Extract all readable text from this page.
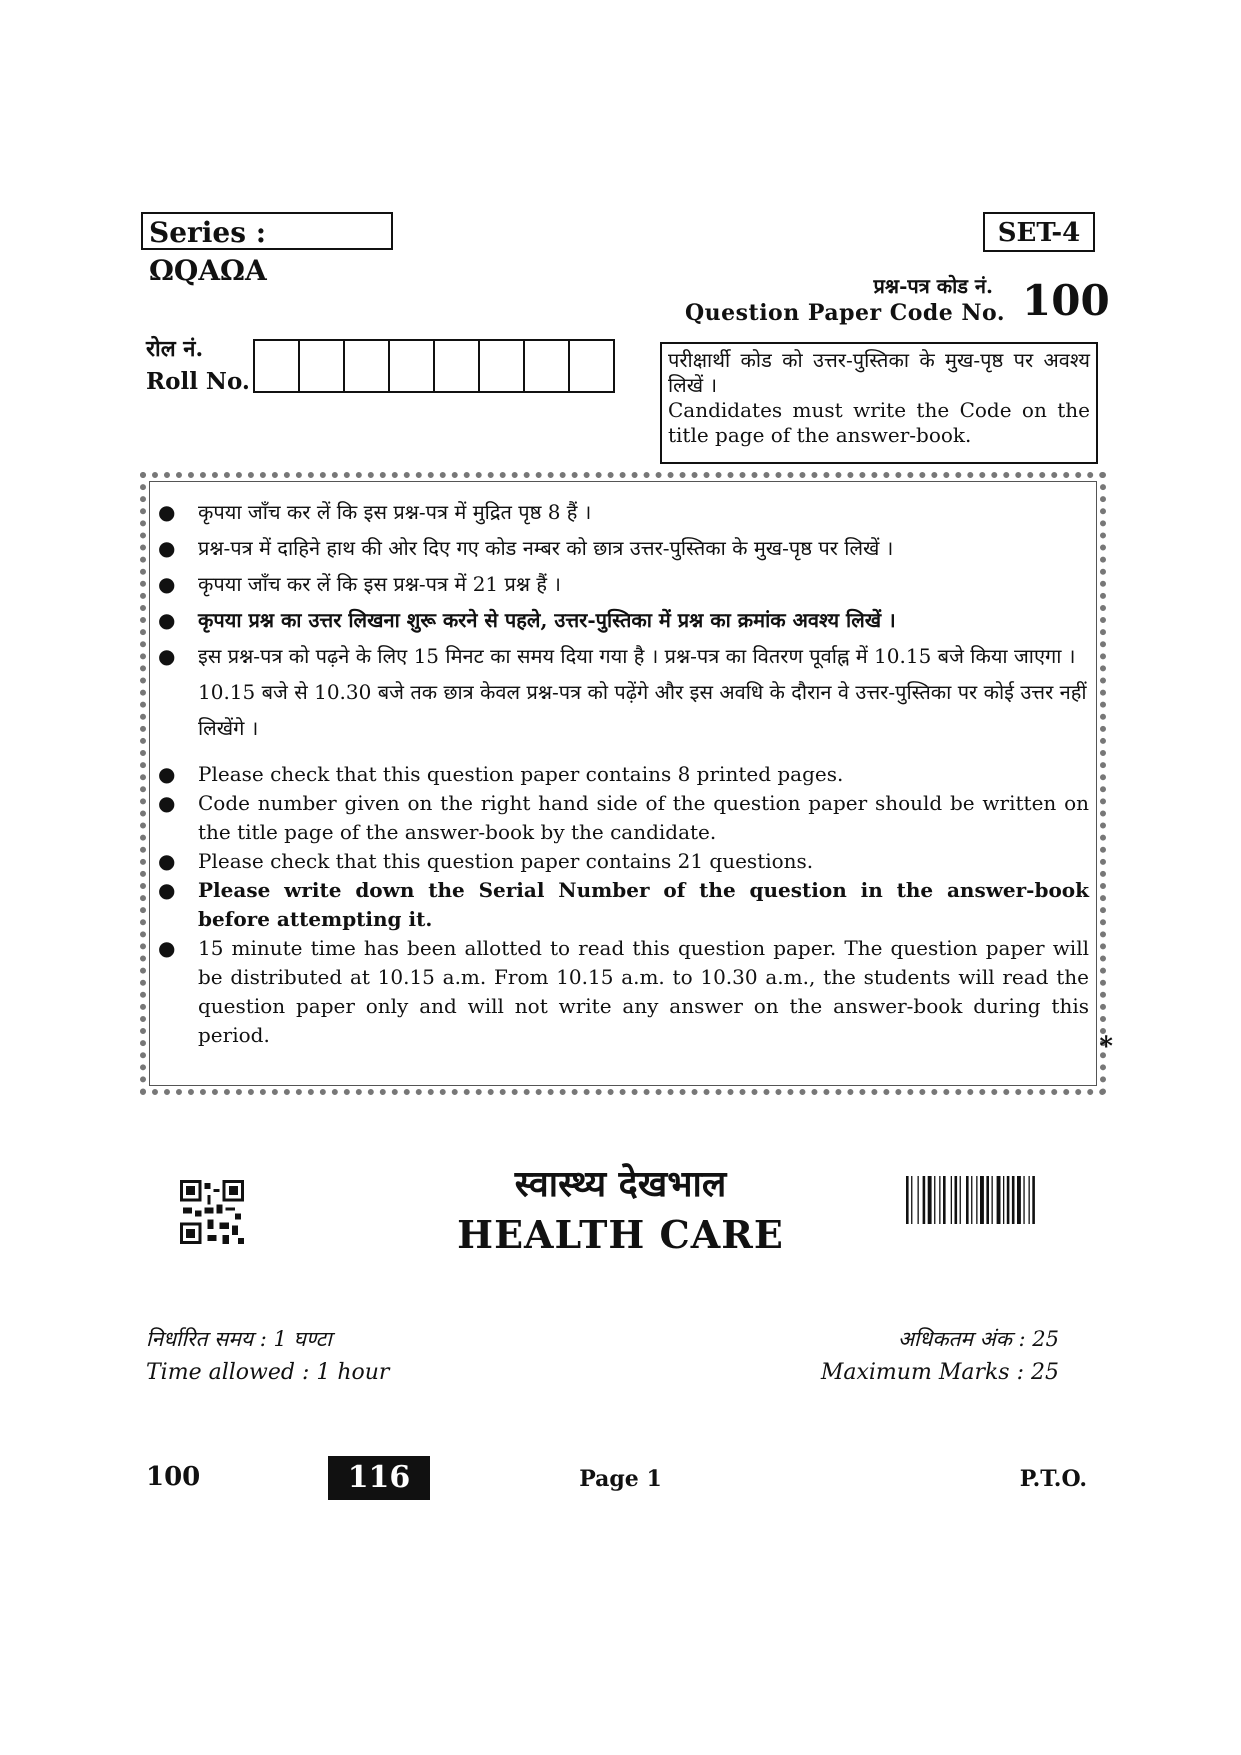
Series : ΩQAΩA
SET-4
प्रश्न-पत्र कोड नं.
Question Paper Code No. 100
रोल नं.
Roll No.
परीक्षार्थी कोड को उत्तर-पुस्तिका के मुख-पृष्ठ पर अवश्य लिखें ।
Candidates must write the Code on the title page of the answer-book.
● कृपया जाँच कर लें कि इस प्रश्न-पत्र में मुद्रित पृष्ठ 8 हैं ।
● प्रश्न-पत्र में दाहिने हाथ की ओर दिए गए कोड नम्बर को छात्र उत्तर-पुस्तिका के मुख-पृष्ठ पर लिखें ।
● कृपया जाँच कर लें कि इस प्रश्न-पत्र में 21 प्रश्न हैं ।
● कृपया प्रश्न का उत्तर लिखना शुरू करने से पहले, उत्तर-पुस्तिका में प्रश्न का क्रमांक अवश्य लिखें ।
● इस प्रश्न-पत्र को पढ़ने के लिए 15 मिनट का समय दिया गया है । प्रश्न-पत्र का वितरण पूर्वाह्न में 10.15 बजे किया जाएगा । 10.15 बजे से 10.30 बजे तक छात्र केवल प्रश्न-पत्र को पढ़ेंगे और इस अवधि के दौरान वे उत्तर-पुस्तिका पर कोई उत्तर नहीं लिखेंगे ।
● Please check that this question paper contains 8 printed pages.
● Code number given on the right hand side of the question paper should be written on the title page of the answer-book by the candidate.
● Please check that this question paper contains 21 questions.
● Please write down the Serial Number of the question in the answer-book before attempting it.
● 15 minute time has been allotted to read this question paper. The question paper will be distributed at 10.15 a.m. From 10.15 a.m. to 10.30 a.m., the students will read the question paper only and will not write any answer on the answer-book during this period.	*
स्वास्थ्य देखभाल
HEALTH CARE
निर्धारित समय : 1 घण्टा
Time allowed : 1 hour
अधिकतम अंक : 25
Maximum Marks : 25
100	116	Page 1	P.T.O.
